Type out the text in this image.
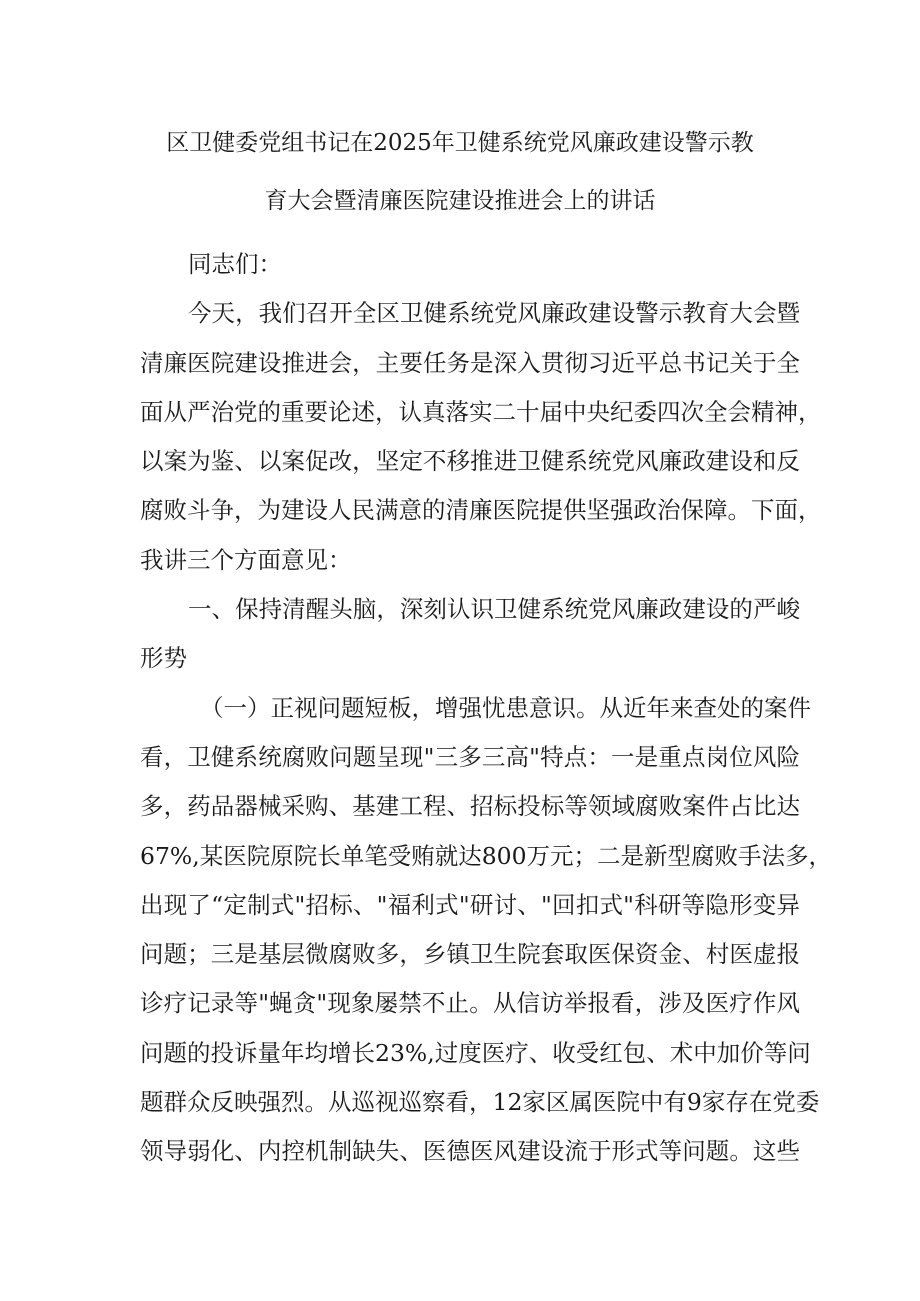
区卫健委党组书记在2025年卫健系统党风廉政建设警示教
育大会暨清廉医院建设推进会上的讲话
同志们：
今天，我们召开全区卫健系统党风廉政建设警示教育大会暨
清廉医院建设推进会，主要任务是深入贯彻习近平总书记关于全
面从严治党的重要论述，认真落实二十届中央纪委四次全会精神，
以案为鉴、以案促改，坚定不移推进卫健系统党风廉政建设和反
腐败斗争，为建设人民满意的清廉医院提供坚强政治保障。下面，
我讲三个方面意见：
一、保持清醒头脑，深刻认识卫健系统党风廉政建设的严峻
形势
（一）正视问题短板，增强忧患意识。从近年来查处的案件
看，卫健系统腐败问题呈现"三多三高"特点：一是重点岗位风险
多，药品器械采购、基建工程、招标投标等领域腐败案件占比达
67%,某医院原院长单笔受贿就达800万元；二是新型腐败手法多，
出现了“定制式"招标、"福利式"研讨、"回扣式"科研等隐形变异
问题；三是基层微腐败多，乡镇卫生院套取医保资金、村医虚报
诊疗记录等"蝇贪"现象屡禁不止。从信访举报看，涉及医疗作风
问题的投诉量年均增长23%,过度医疗、收受红包、术中加价等问
题群众反映强烈。从巡视巡察看，12家区属医院中有9家存在党委
领导弱化、内控机制缺失、医德医风建设流于形式等问题。这些
